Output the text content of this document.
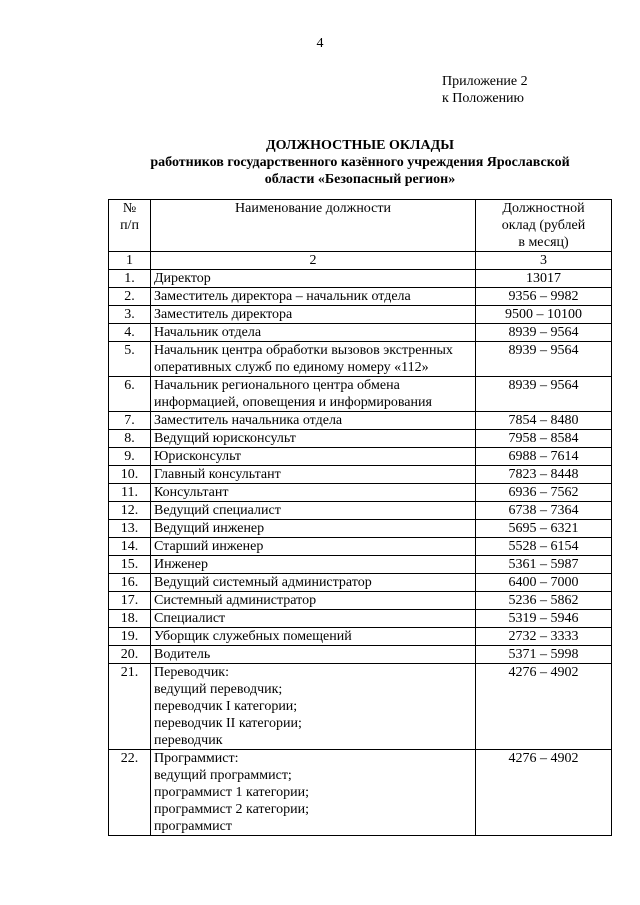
4
Приложение 2
к Положению
ДОЛЖНОСТНЫЕ ОКЛАДЫ
работников государственного казённого учреждения Ярославской
области «Безопасный регион»
№
п/п	Наименование должности	Должностной
оклад (рублей
в месяц)

1	2	3
1.	Директор	13017
2.	Заместитель директора – начальник отдела	9356 – 9982
3.	Заместитель директора	9500 – 10100
4.	Начальник отдела	8939 – 9564
5.	Начальник центра обработки вызовов экстренных оперативных служб по единому номеру «112»	8939 – 9564
6.	Начальник регионального центра обмена информацией, оповещения и информирования	8939 – 9564
7.	Заместитель начальника отдела	7854 – 8480
8.	Ведущий юрисконсульт	7958 – 8584
9.	Юрисконсульт	6988 – 7614
10.	Главный консультант	7823 – 8448
11.	Консультант	6936 – 7562
12.	Ведущий специалист	6738 – 7364
13.	Ведущий инженер	5695 – 6321
14.	Старший инженер	5528 – 6154
15.	Инженер	5361 – 5987
16.	Ведущий системный администратор	6400 – 7000
17.	Системный администратор	5236 – 5862
18.	Специалист	5319 – 5946
19.	Уборщик служебных помещений	2732 – 3333
20.	Водитель	5371 – 5998
21.	Переводчик:
ведущий переводчик;
переводчик I категории;
переводчик II категории;
переводчик	4276 – 4902
22.	Программист:
ведущий программист;
программист 1 категории;
программист 2 категории;
программист	4276 – 4902
